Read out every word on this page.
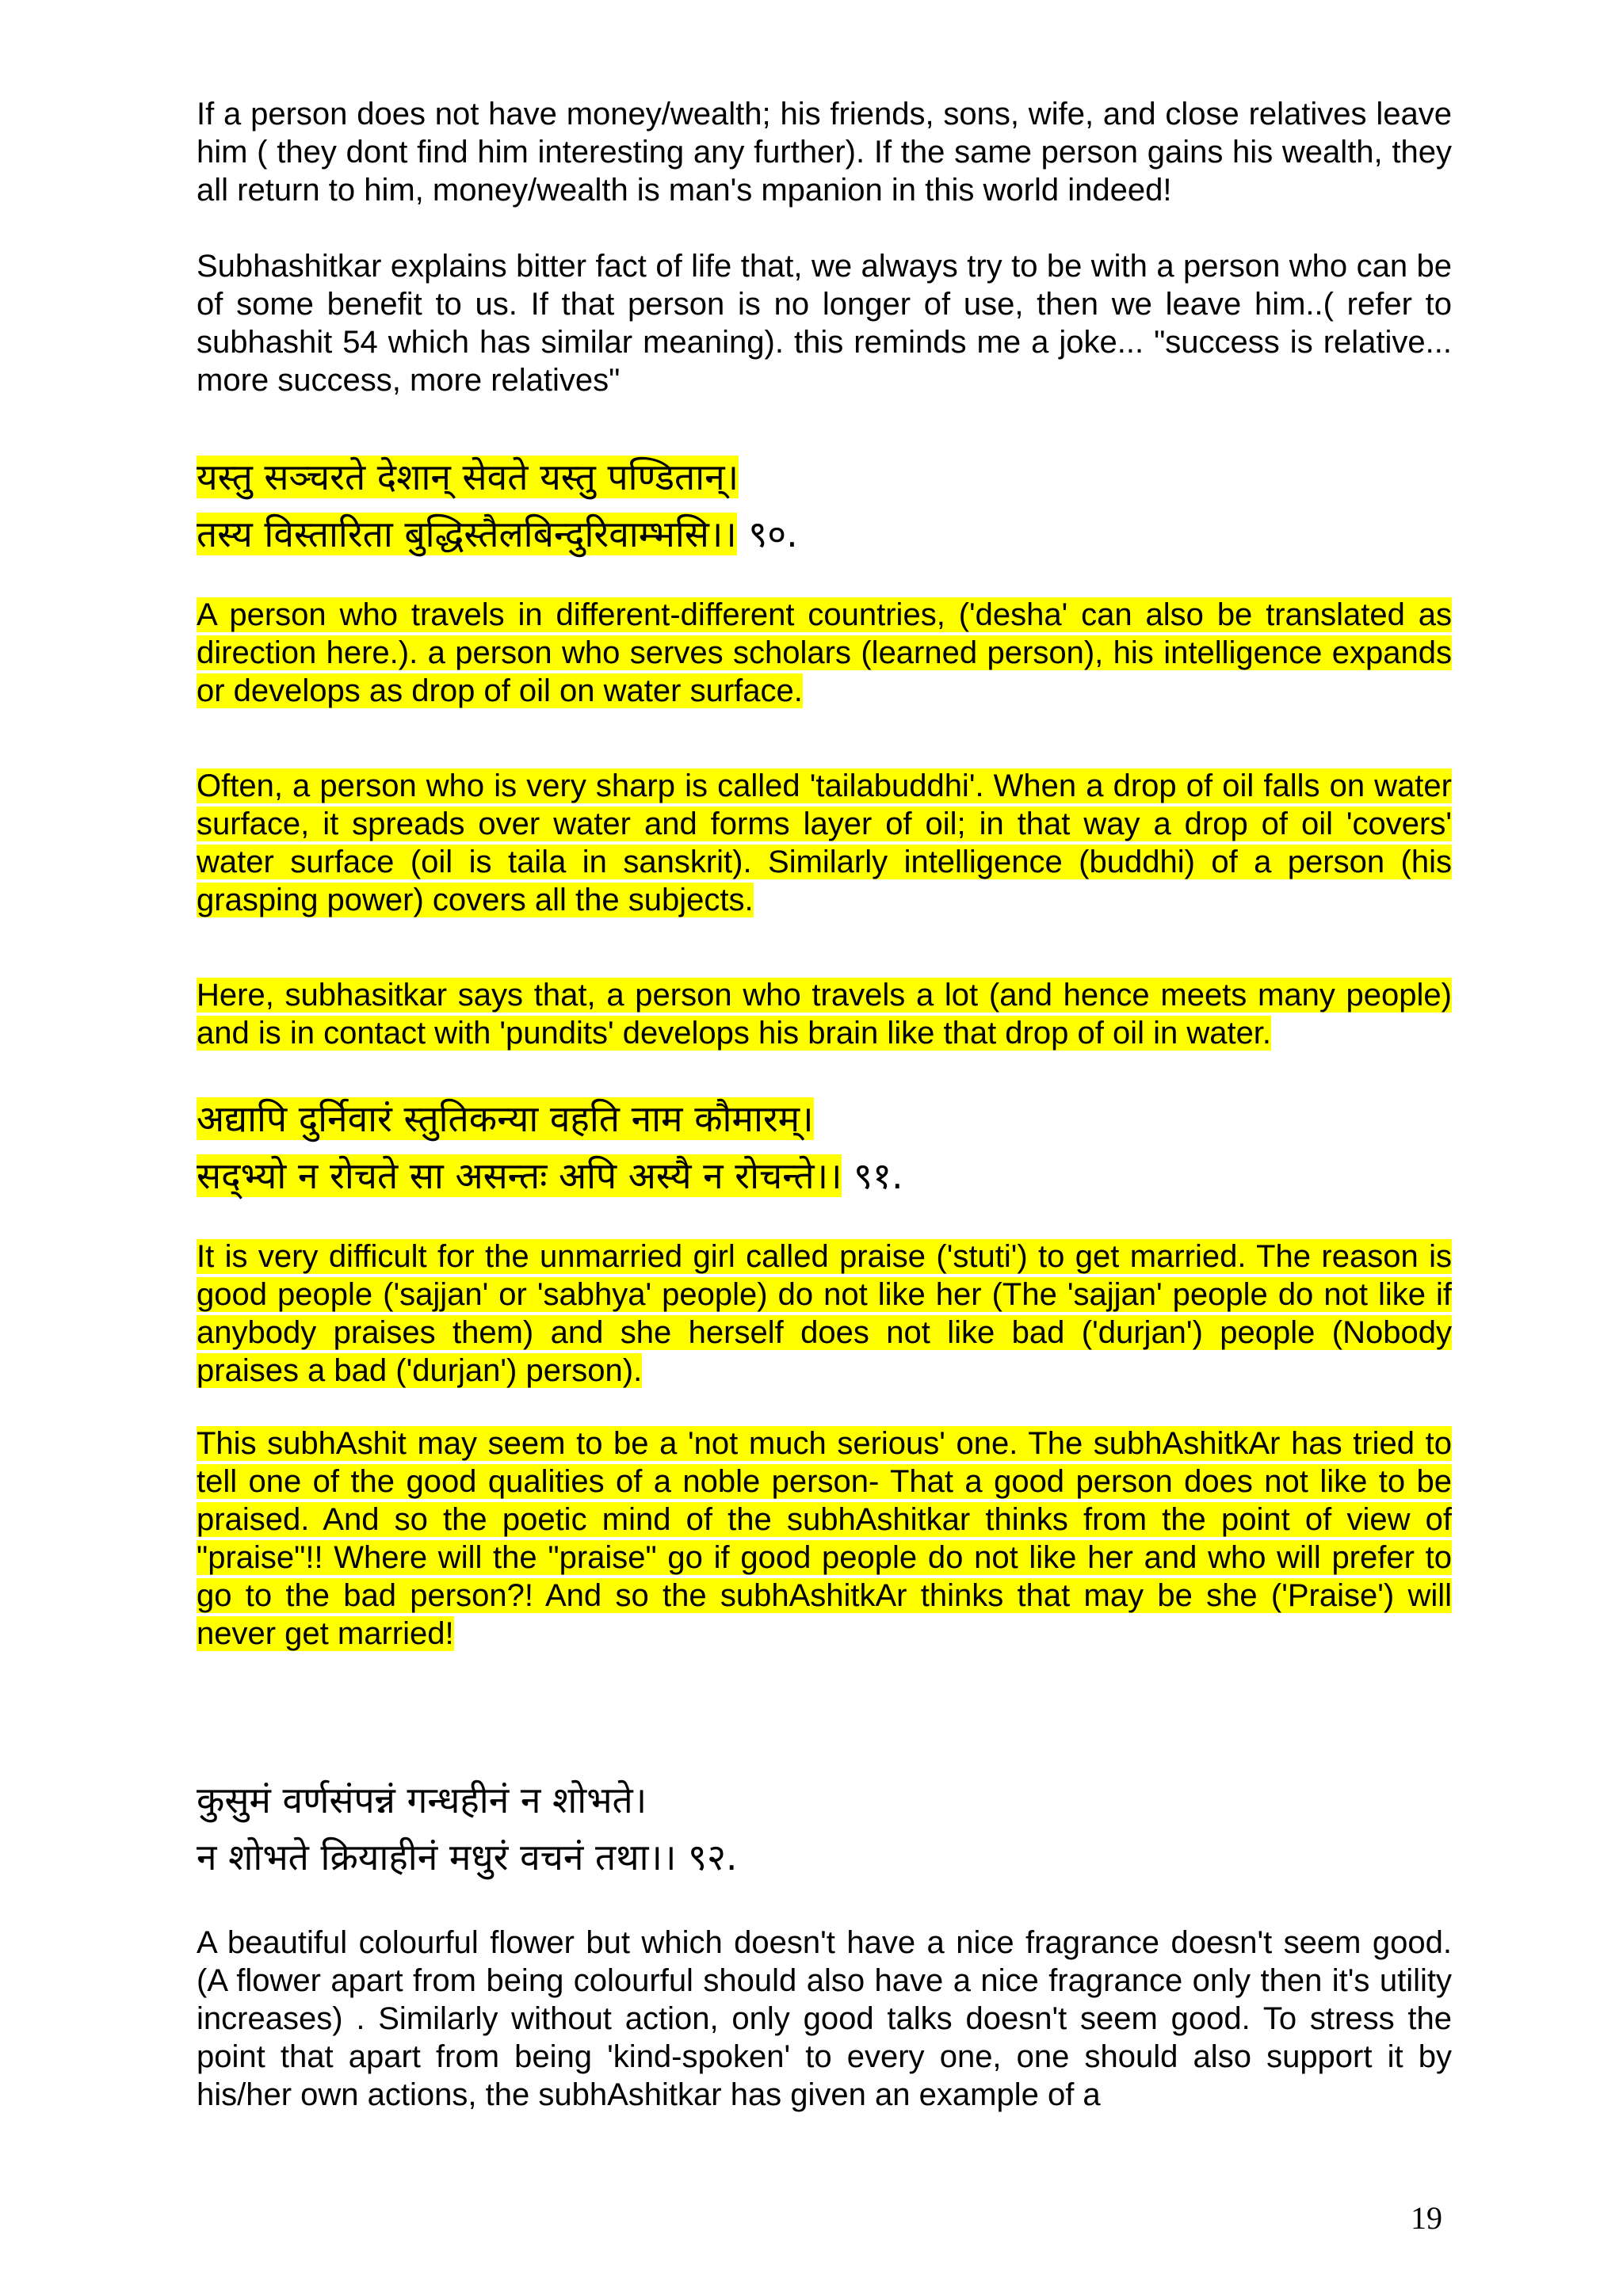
If a person does not have money/wealth; his friends, sons, wife, and close relatives leave him ( they dont find him interesting any further). If the same person gains his wealth, they all return to him, money/wealth is man's mpanion in this world indeed!

Subhashitkar explains bitter fact of life that, we always try to be with a person who can be of some benefit to us. If that person is no longer of use, then we leave him..( refer to subhashit 54 which has similar meaning). this reminds me a joke... "success is relative... more success, more relatives"

यस्तु सञ्चरते देशान् सेवते यस्तु पण्डितान्।
तस्य विस्तारिता बुद्धिस्तैलबिन्दुरिवाम्भसि।। ९०.

A person who travels in different-different countries, ('desha' can also be translated as direction here.). a person who serves scholars (learned person), his intelligence expands or develops as drop of oil on water surface.

Often, a person who is very sharp is called 'tailabuddhi'. When a drop of oil falls on water surface, it spreads over water and forms layer of oil; in that way a drop of oil 'covers' water surface (oil is taila in sanskrit). Similarly intelligence (buddhi) of a person (his grasping power) covers all the subjects.

Here, subhasitkar says that, a person who travels a lot (and hence meets many people) and is in contact with 'pundits' develops his brain like that drop of oil in water.

अद्यापि दुर्निवारं स्तुतिकन्या वहति नाम कौमारम्।
सद्भ्यो न रोचते सा असन्तः अपि अस्यै न रोचन्ते।। ९१.

It is very difficult for the unmarried girl called praise ('stuti') to get married. The reason is good people ('sajjan' or 'sabhya' people) do not like her (The 'sajjan' people do not like if anybody praises them) and she herself does not like bad ('durjan') people (Nobody praises a bad ('durjan') person).

This subhAshit may seem to be a 'not much serious' one. The subhAshitkAr has tried to tell one of the good qualities of a noble person- That a good person does not like to be praised. And so the poetic mind of the subhAshitkar thinks from the point of view of "praise"!! Where will the "praise" go if good people do not like her and who will prefer to go to the bad person?! And so the subhAshitkAr thinks that may be she ('Praise') will never get married!

कुसुमं वर्णसंपन्नं गन्धहीनं न शोभते।
न शोभते क्रियाहीनं मधुरं वचनं तथा।। ९२.

A beautiful colourful flower but which doesn't have a nice fragrance doesn't seem good. (A flower apart from being colourful should also have a nice fragrance only then it's utility increases) . Similarly without action, only good talks doesn't seem good. To stress the point that apart from being 'kind-spoken' to every one, one should also support it by his/her own actions, the subhAshitkar has given an example of a

19
